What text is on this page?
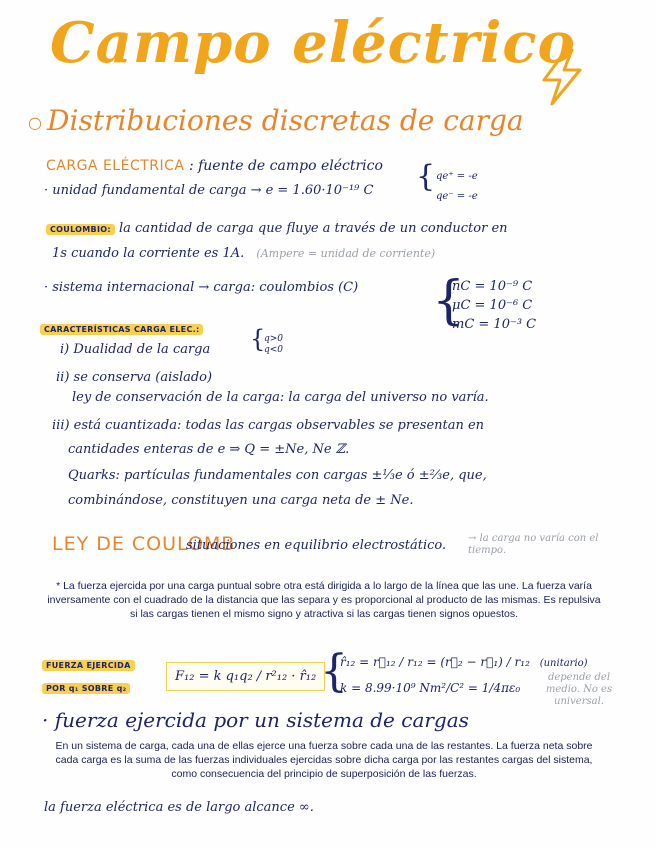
Campo eléctrico
○ Distribuciones discretas de carga
CARGA ELÉCTRICA : fuente de campo eléctrico
· unidad fundamental de carga → e = 1.60·10⁻¹⁹ C { qe⁺ = -e
qe⁻ = -e
COULOMBIO: la cantidad de carga que fluye a través de un conductor en
1s cuando la corriente es 1A. (Ampere = unidad de corriente)
· sistema internacional → carga: coulombios (C) {
nC = 10⁻⁹ C
μC = 10⁻⁶ C
mC = 10⁻³ C
CARACTERÍSTICAS CARGA ELEC.:
i) Dualidad de la carga {
q>0
q<0
ii) se conserva (aislado)
ley de conservación de la carga: la carga del universo no varía.
iii) está cuantizada: todas las cargas observables se presentan en
cantidades enteras de e ⇒ Q = ±Ne, Ne ℤ.
Quarks: partículas fundamentales con cargas ±⅓e ó ±⅔e, que,
combinándose, constituyen una carga neta de ± Ne.
LEY DE COULOMB
situaciones en equilibrio electrostático. → la carga no varía con el tiempo.
* La fuerza ejercida por una carga puntual sobre otra está dirigida a lo largo de la línea que las une. La fuerza varía inversamente con el cuadrado de la distancia que las separa y es proporcional al producto de las mismas. Es repulsiva si las cargas tienen el mismo signo y atractiva si las cargas tienen signos opuestos.
FUERZA EJERCIDA
POR q₁ SOBRE q₂
F₁₂ = k q₁q₂ / r²₁₂ · r̂₁₂ {
r̂₁₂ = r⃗₁₂ / r₁₂ = (r⃗₂ − r⃗₁) / r₁₂ (unitario)
k = 8.99·10⁹ Nm²/C² = 1/4πε₀
depende del medio. No es universal.
· fuerza ejercida por un sistema de cargas
En un sistema de carga, cada una de ellas ejerce una fuerza sobre cada una de las restantes. La fuerza neta sobre cada carga es la suma de las fuerzas individuales ejercidas sobre dicha carga por las restantes cargas del sistema, como consecuencia del principio de superposición de las fuerzas.
la fuerza eléctrica es de largo alcance ∞.
